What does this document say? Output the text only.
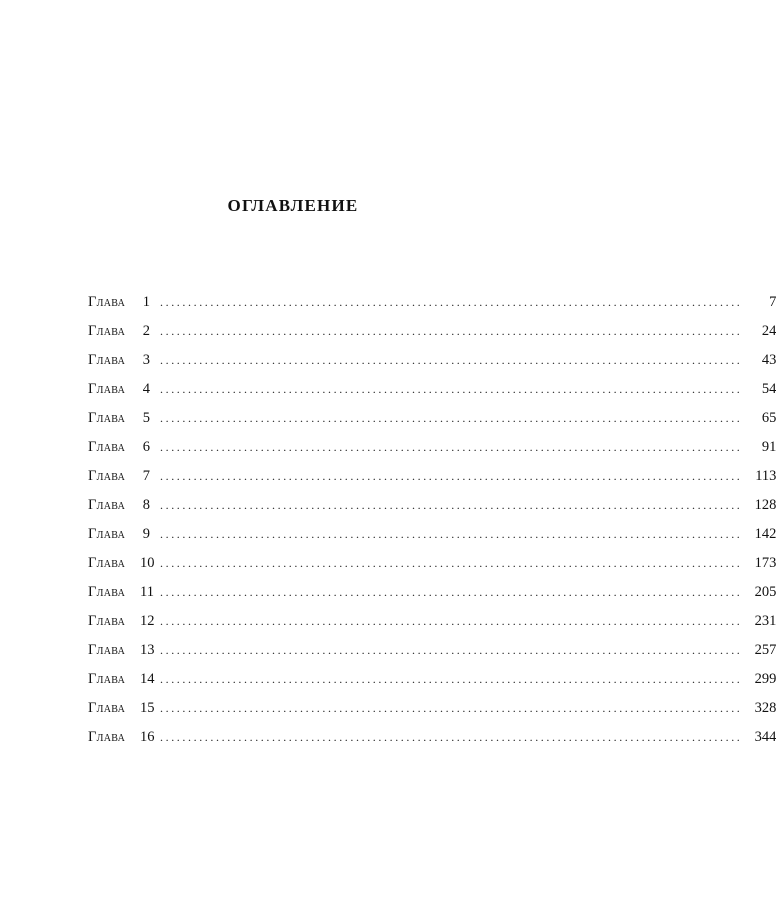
ОГЛАВЛЕНИЕ
Глава	1 ........................................................................................................	7
Глава	2 ........................................................................................................	24
Глава	3 ........................................................................................................	43
Глава	4 ........................................................................................................	54
Глава	5 ........................................................................................................	65
Глава	6 ........................................................................................................	91
Глава	7 ........................................................................................................ 113
Глава	8 ........................................................................................................ 128
Глава	9 ........................................................................................................ 142
Глава	10 ........................................................................................................ 173
Глава	11 ........................................................................................................ 205
Глава	12 ........................................................................................................ 231
Глава	13 ........................................................................................................ 257
Глава	14 ........................................................................................................ 299
Глава	15 ........................................................................................................ 328
Глава	16 ........................................................................................................ 344
